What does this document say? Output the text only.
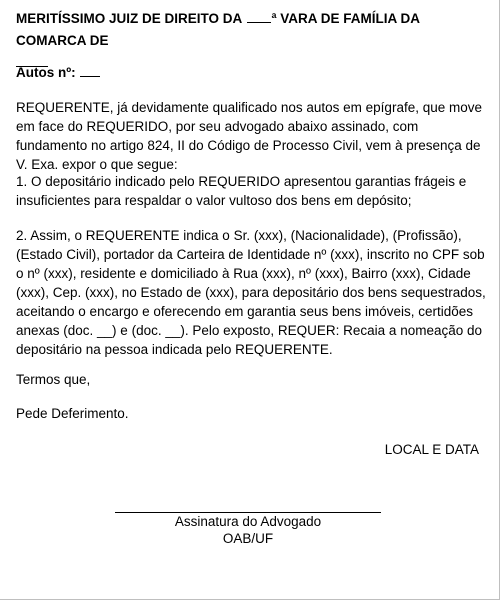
MERITÍSSIMO JUIZ DE DIREITO DA ª VARA DE FAMÍLIA DA COMARCA DE

Autos nº:

REQUERENTE, já devidamente qualificado nos autos em epígrafe, que move em face do REQUERIDO, por seu advogado abaixo assinado, com fundamento no artigo 824, II do Código de Processo Civil, vem à presença de V. Exa. expor o que segue:

1. O depositário indicado pelo REQUERIDO apresentou garantias frágeis e insuficientes para respaldar o valor vultoso dos bens em depósito;

2. Assim, o REQUERENTE indica o Sr. (xxx), (Nacionalidade), (Profissão), (Estado Civil), portador da Carteira de Identidade nº (xxx), inscrito no CPF sob o nº (xxx), residente e domiciliado à Rua (xxx), nº (xxx), Bairro (xxx), Cidade (xxx), Cep. (xxx), no Estado de (xxx), para depositário dos bens sequestrados, aceitando o encargo e oferecendo em garantia seus bens imóveis, certidões anexas (doc. __) e (doc. __). Pelo exposto, REQUER: Recaia a nomeação do depositário na pessoa indicada pelo REQUERENTE.

Termos que,

Pede Deferimento.

LOCAL E DATA

Assinatura do Advogado

OAB/UF
